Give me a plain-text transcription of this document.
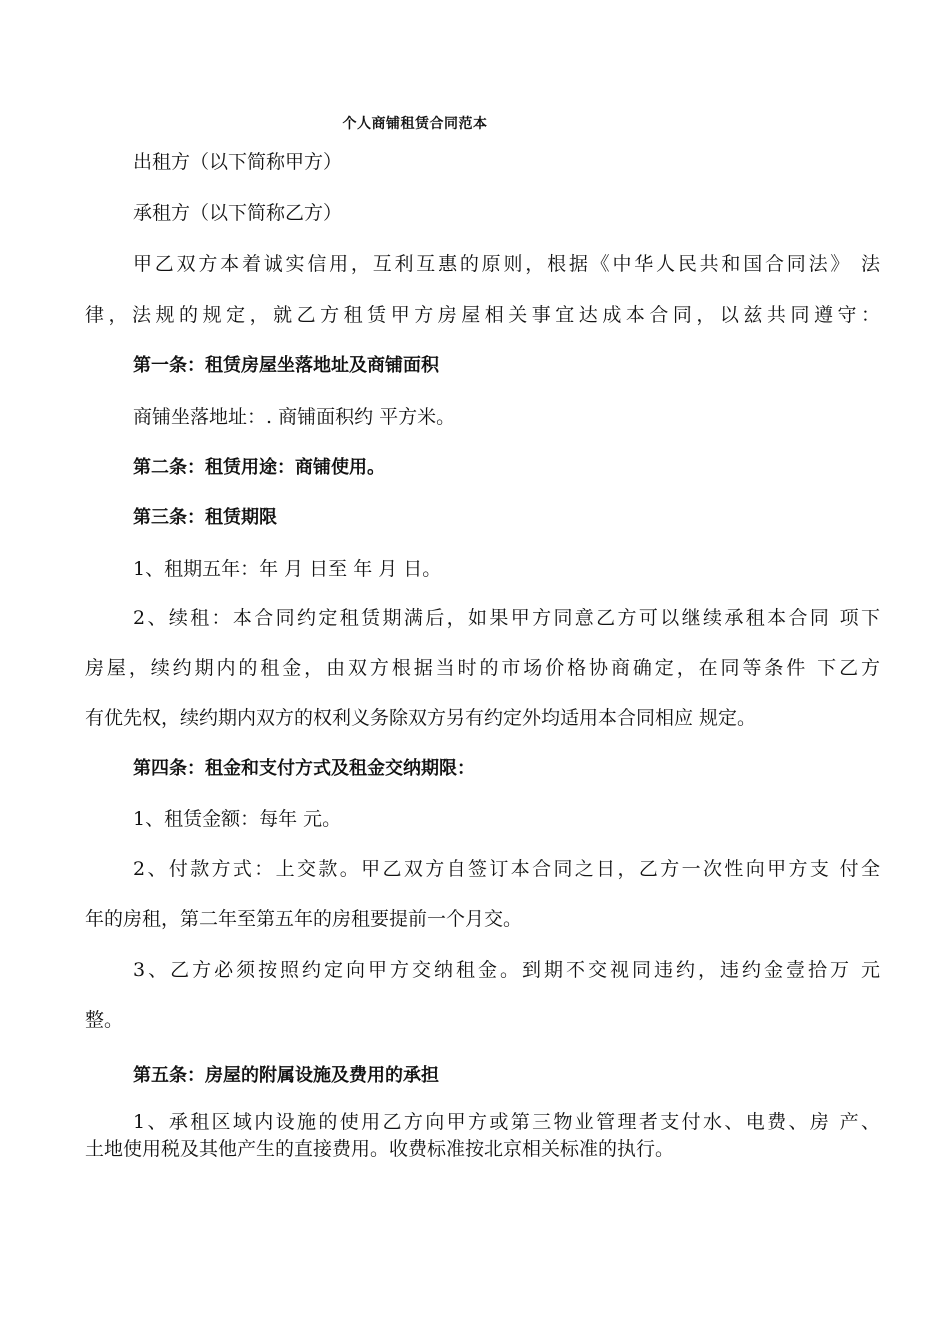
个人商铺租赁合同范本
出租方（以下简称甲方）
承租方（以下简称乙方）
甲乙双方本着诚实信用，互利互惠的原则，根据《中华人民共和国合同法》 法
律，法规的规定，就乙方租赁甲方房屋相关事宜达成本合同，以兹共同遵守：
第一条：租赁房屋坐落地址及商铺面积
商铺坐落地址：. 商铺面积约 平方米。
第二条：租赁用途：商铺使用。
第三条：租赁期限
1、租期五年：年 月 日至 年 月 日。
2、续租：本合同约定租赁期满后，如果甲方同意乙方可以继续承租本合同 项下
房屋，续约期内的租金，由双方根据当时的市场价格协商确定，在同等条件 下乙方
有优先权，续约期内双方的权利义务除双方另有约定外均适用本合同相应 规定。
第四条：租金和支付方式及租金交纳期限：
1、租赁金额：每年 元。
2、付款方式：上交款。甲乙双方自签订本合同之日，乙方一次性向甲方支 付全
年的房租，第二年至第五年的房租要提前一个月交。
3、乙方必须按照约定向甲方交纳租金。到期不交视同违约，违约金壹拾万 元
整。
第五条：房屋的附属设施及费用的承担
1、承租区域内设施的使用乙方向甲方或第三物业管理者支付水、电费、房 产、
土地使用税及其他产生的直接费用。收费标准按北京相关标准的执行。
